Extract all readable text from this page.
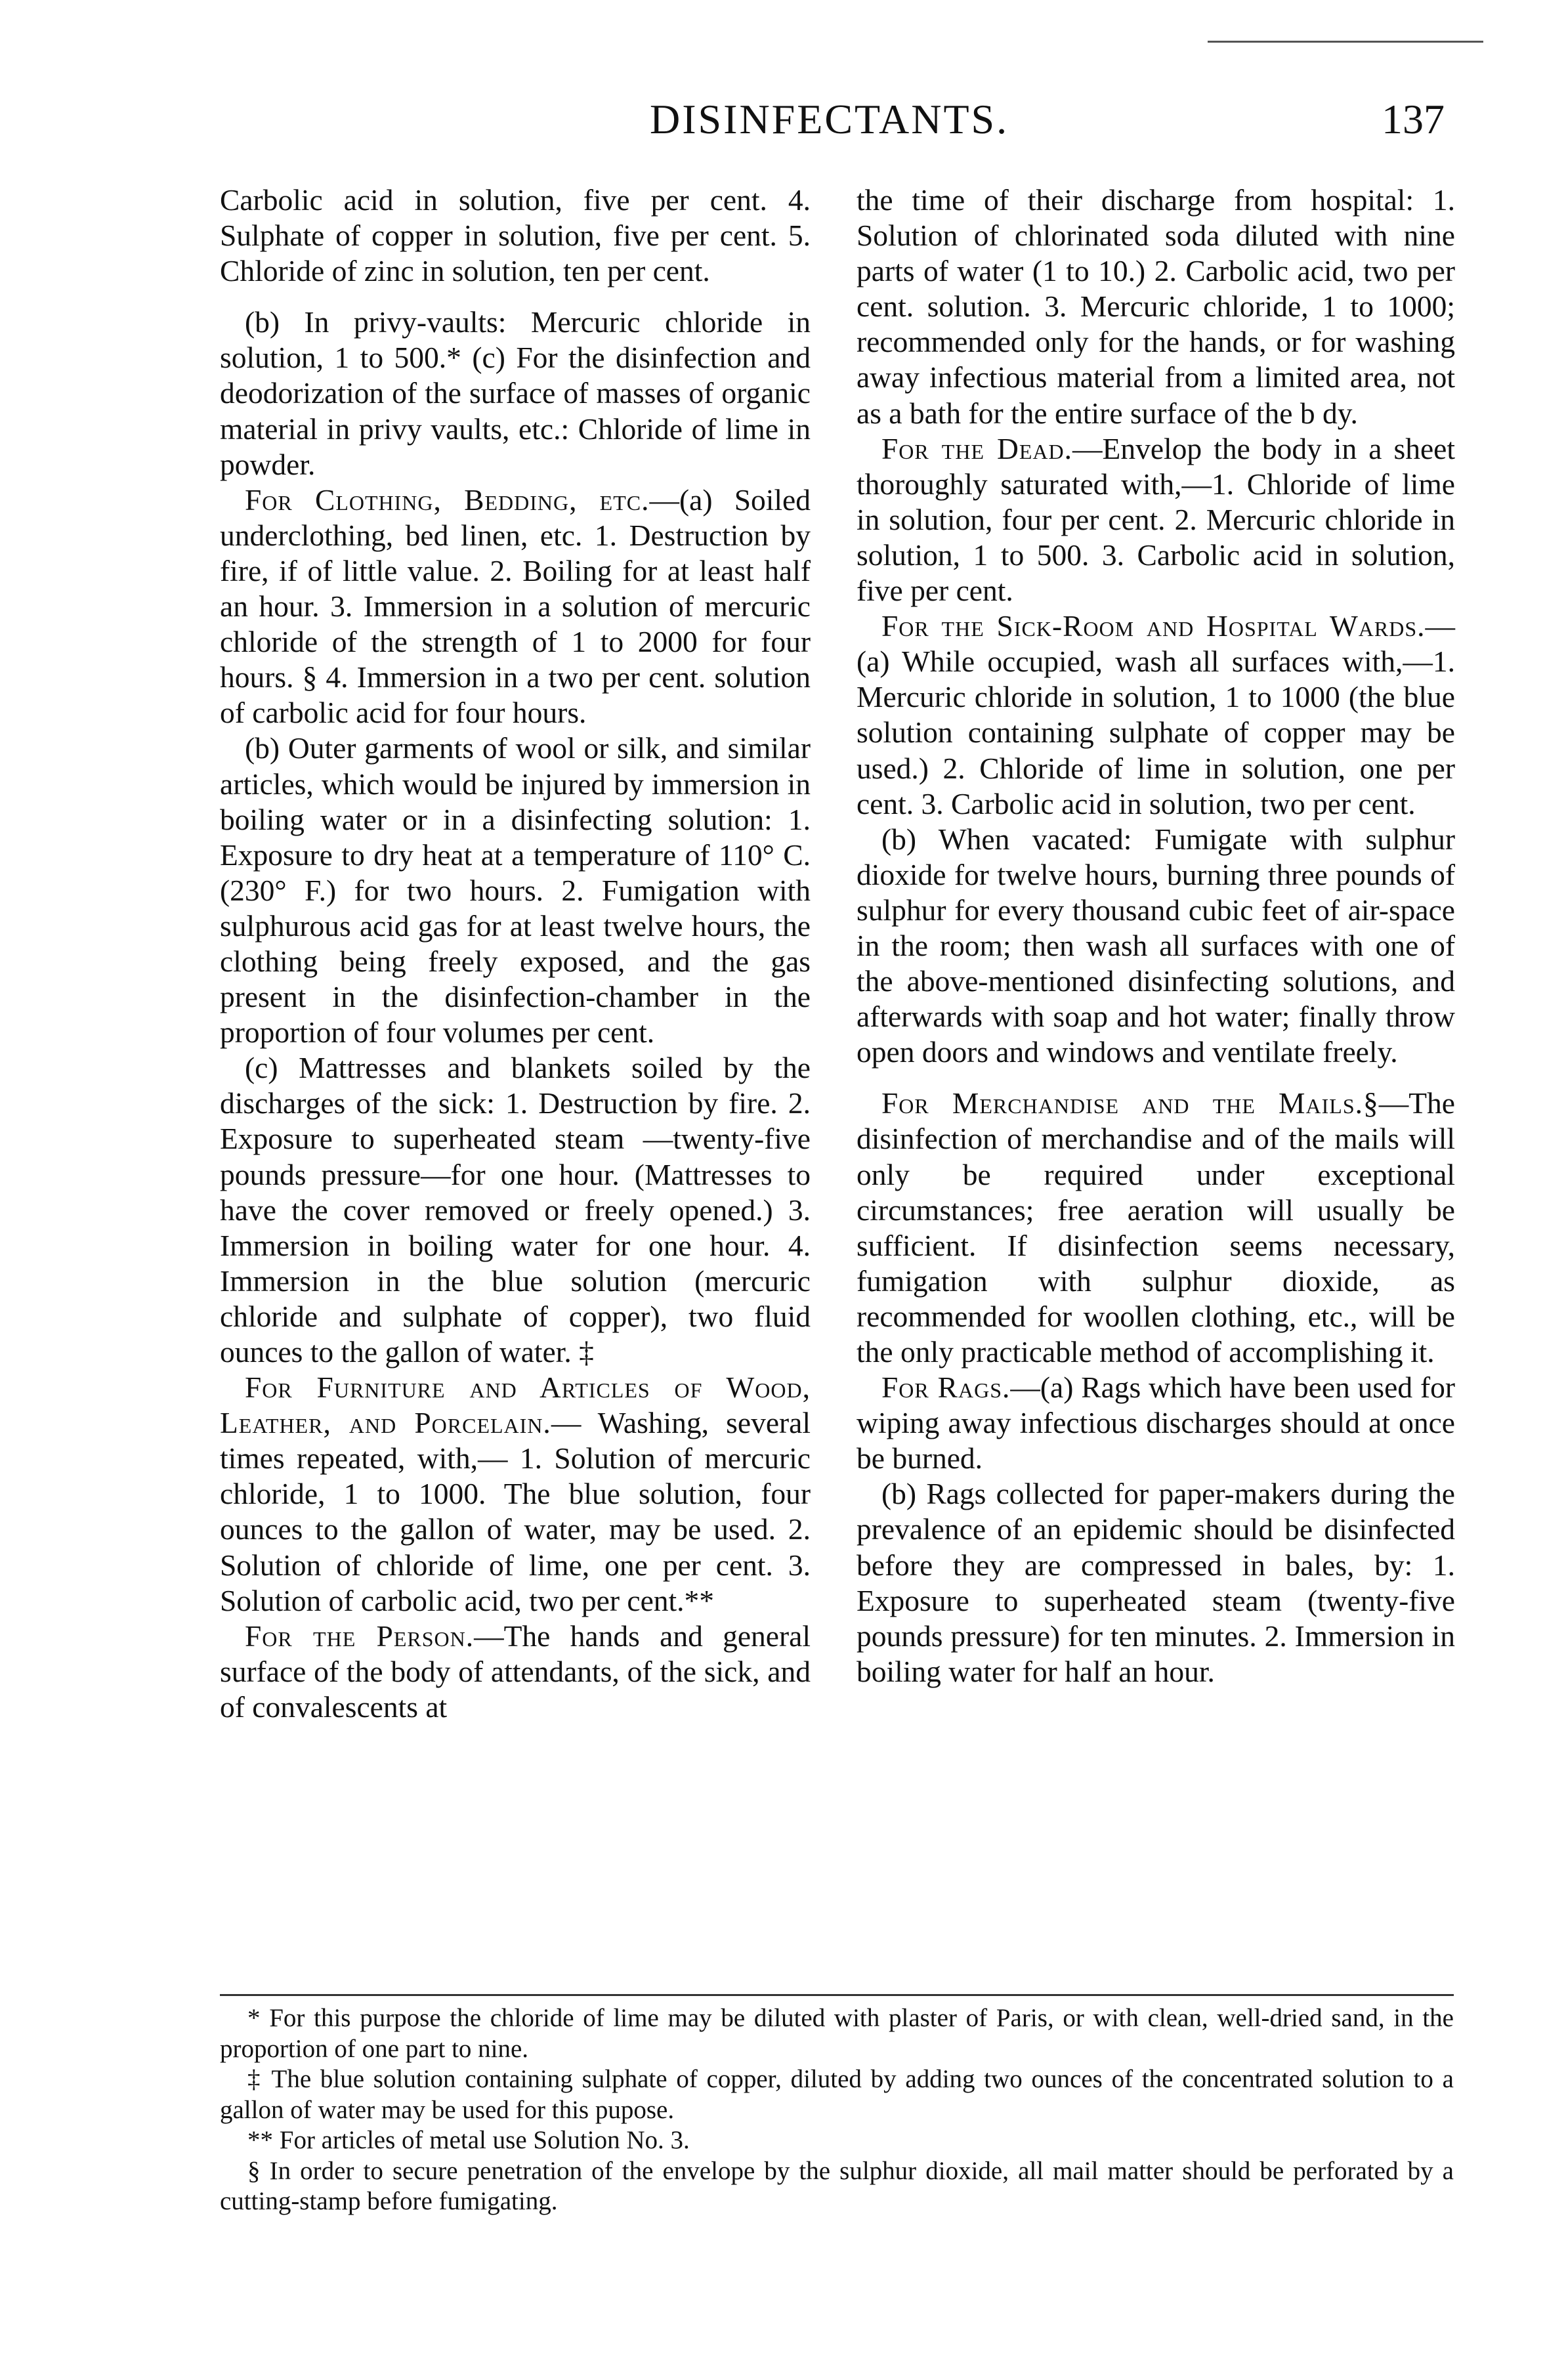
DISINFECTANTS.	137

Carbolic acid in solution, five per cent. 4. Sulphate of copper in solution, five per cent. 5. Chloride of zinc in solution, ten per cent.

(b) In privy-vaults: Mercuric chloride in solution, 1 to 500.* (c) For the disinfection and deodorization of the surface of masses of organic material in privy vaults, etc.: Chloride of lime in powder.

For Clothing, Bedding, etc.—(a) Soiled underclothing, bed linen, etc. 1. Destruction by fire, if of little value. 2. Boiling for at least half an hour. 3. Immersion in a solution of mercuric chloride of the strength of 1 to 2000 for four hours. § 4. Immersion in a two per cent. solution of carbolic acid for four hours.

(b) Outer garments of wool or silk, and similar articles, which would be injured by immersion in boiling water or in a disinfecting solution: 1. Exposure to dry heat at a temperature of 110° C. (230° F.) for two hours. 2. Fumigation with sulphurous acid gas for at least twelve hours, the clothing being freely exposed, and the gas present in the disinfection-chamber in the proportion of four volumes per cent.

(c) Mattresses and blankets soiled by the discharges of the sick: 1. Destruction by fire. 2. Exposure to superheated steam —twenty-five pounds pressure—for one hour. (Mattresses to have the cover removed or freely opened.) 3. Immersion in boiling water for one hour. 4. Immersion in the blue solution (mercuric chloride and sulphate of copper), two fluid ounces to the gallon of water. ‡

For Furniture and Articles of Wood, Leather, and Porcelain.— Washing, several times repeated, with,— 1. Solution of mercuric chloride, 1 to 1000. The blue solution, four ounces to the gallon of water, may be used. 2. Solution of chloride of lime, one per cent. 3. Solution of carbolic acid, two per cent.**

For the Person.—The hands and general surface of the body of attendants, of the sick, and of convalescents at

the time of their discharge from hospital: 1. Solution of chlorinated soda diluted with nine parts of water (1 to 10.) 2. Carbolic acid, two per cent. solution. 3. Mercuric chloride, 1 to 1000; recommended only for the hands, or for washing away infectious material from a limited area, not as a bath for the entire surface of the b dy.

For the Dead.—Envelop the body in a sheet thoroughly saturated with,—1. Chloride of lime in solution, four per cent. 2. Mercuric chloride in solution, 1 to 500. 3. Carbolic acid in solution, five per cent.

For the Sick-Room and Hospital Wards.— (a) While occupied, wash all surfaces with,—1. Mercuric chloride in solution, 1 to 1000 (the blue solution containing sulphate of copper may be used.) 2. Chloride of lime in solution, one per cent. 3. Carbolic acid in solution, two per cent.

(b) When vacated: Fumigate with sulphur dioxide for twelve hours, burning three pounds of sulphur for every thousand cubic feet of air-space in the room; then wash all surfaces with one of the above-mentioned disinfecting solutions, and afterwards with soap and hot water; finally throw open doors and windows and ventilate freely.

For Merchandise and the Mails.§—The disinfection of merchandise and of the mails will only be required under exceptional circumstances; free aeration will usually be sufficient. If disinfection seems necessary, fumigation with sulphur dioxide, as recommended for woollen clothing, etc., will be the only practicable method of accomplishing it.

For Rags.—(a) Rags which have been used for wiping away infectious discharges should at once be burned.

(b) Rags collected for paper-makers during the prevalence of an epidemic should be disinfected before they are compressed in bales, by: 1. Exposure to superheated steam (twenty-five pounds pressure) for ten minutes. 2. Immersion in boiling water for half an hour.

* For this purpose the chloride of lime may be diluted with plaster of Paris, or with clean, well-dried sand, in the proportion of one part to nine.

‡ The blue solution containing sulphate of copper, diluted by adding two ounces of the concentrated solution to a gallon of water may be used for this pupose.

** For articles of metal use Solution No. 3.

§ In order to secure penetration of the envelope by the sulphur dioxide, all mail matter should be perforated by a cutting-stamp before fumigating.
